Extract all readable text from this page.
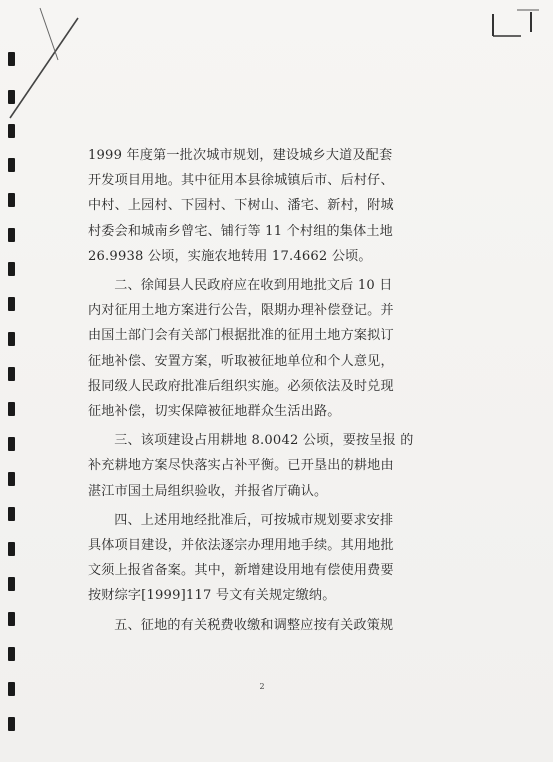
1999 年度第一批次城市规划，建设城乡大道及配套

开发项目用地。其中征用本县徐城镇后市、后村仔、

中村、上园村、下园村、下树山、潘宅、新村，附城

村委会和城南乡曾宅、铺行等 11 个村组的集体土地

26.9938 公顷，实施农地转用 17.4662 公顷。

二、徐闻县人民政府应在收到用地批文后 10 日

内对征用土地方案进行公告，限期办理补偿登记。并

由国土部门会有关部门根据批准的征用土地方案拟订

征地补偿、安置方案，听取被征地单位和个人意见，

报同级人民政府批准后组织实施。必须依法及时兑现

征地补偿，切实保障被征地群众生活出路。

三、该项建设占用耕地 8.0042 公顷，要按呈报 的

补充耕地方案尽快落实占补平衡。已开垦出的耕地由

湛江市国土局组织验收，并报省厅确认。

四、上述用地经批准后，可按城市规划要求安排

具体项目建设，并依法逐宗办理用地手续。其用地批

文须上报省备案。其中，新增建设用地有偿使用费要

按财综字[1999]117 号文有关规定缴纳。

五、征地的有关税费收缴和调整应按有关政策规

2
